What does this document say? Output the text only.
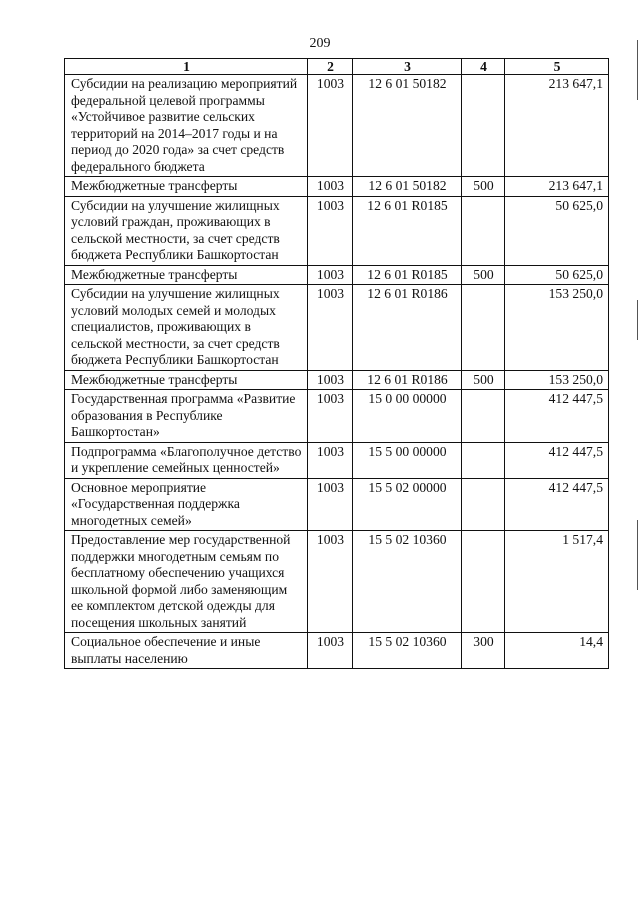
209
1	2	3	4	5
Субсидии на реализацию мероприятий федеральной целевой программы «Устойчивое развитие сельских территорий на 2014–2017 годы и на период до 2020 года» за счет средств федерального бюджета	1003	12 6 01 50182		213 647,1
Межбюджетные трансферты	1003	12 6 01 50182	500	213 647,1
Субсидии на улучшение жилищных условий граждан, проживающих в сельской местности, за счет средств бюджета Республики Башкортостан	1003	12 6 01 R0185		50 625,0
Межбюджетные трансферты	1003	12 6 01 R0185	500	50 625,0
Субсидии на улучшение жилищных условий молодых семей и молодых специалистов, проживающих в сельской местности, за счет средств бюджета Республики Башкортостан	1003	12 6 01 R0186		153 250,0
Межбюджетные трансферты	1003	12 6 01 R0186	500	153 250,0
Государственная программа «Развитие образования в Республике Башкортостан»	1003	15 0 00 00000		412 447,5
Подпрограмма «Благополучное детство и укрепление семейных ценностей»	1003	15 5 00 00000		412 447,5
Основное мероприятие «Государственная поддержка многодетных семей»	1003	15 5 02 00000		412 447,5
Предоставление мер государственной поддержки многодетным семьям по бесплатному обеспечению учащихся школьной формой либо заменяющим ее комплектом детской одежды для посещения школьных занятий	1003	15 5 02 10360		1 517,4
Социальное обеспечение и иные выплаты населению	1003	15 5 02 10360	300	14,4
